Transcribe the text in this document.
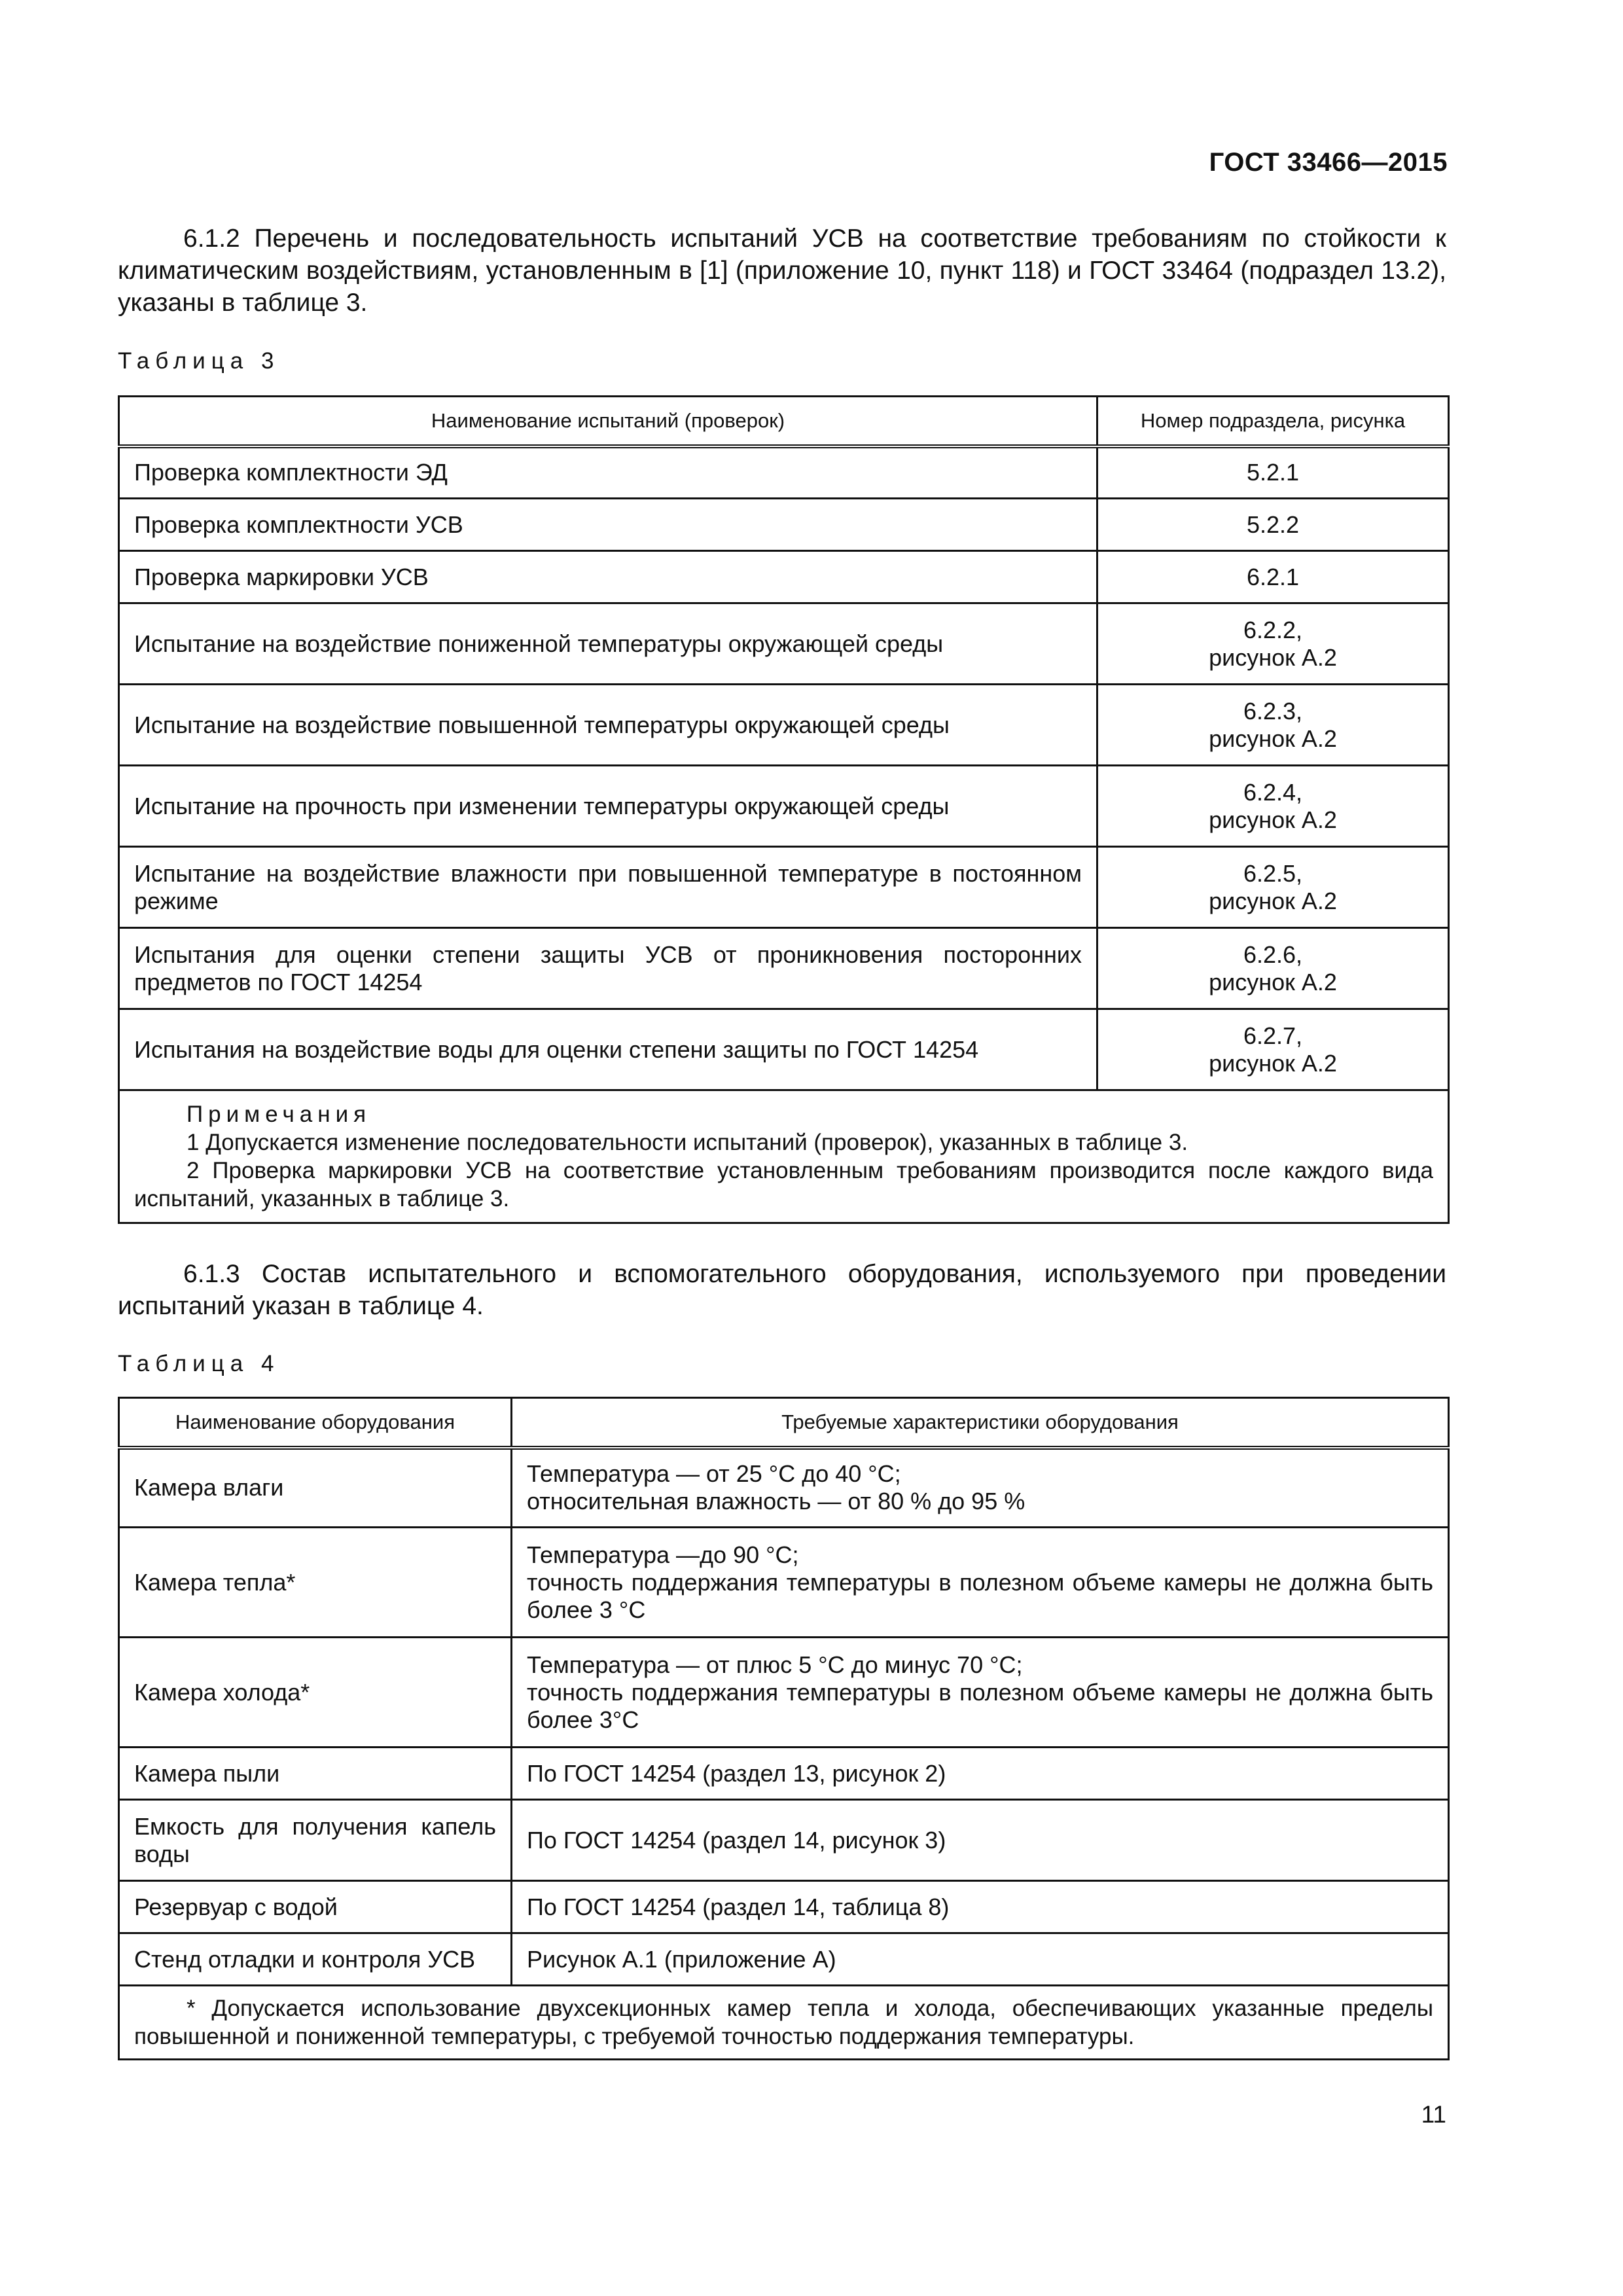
ГОСТ 33466—2015

6.1.2 Перечень и последовательность испытаний УСВ на соответствие требованиям по стойкости к климатическим воздействиям, установленным в [1] (приложение 10, пункт 118) и ГОСТ 33464 (подраздел 13.2), указаны в таблице 3.

Таблица 3
Наименование испытаний (проверок)	Номер подраздела, рисунка
Проверка комплектности ЭД	5.2.1
Проверка комплектности УСВ	5.2.2
Проверка маркировки УСВ	6.2.1
Испытание на воздействие пониженной температуры окружающей среды	6.2.2,
рисунок А.2
Испытание на воздействие повышенной температуры окружающей среды	6.2.3,
рисунок А.2
Испытание на прочность при изменении температуры окружающей среды	6.2.4,
рисунок А.2
Испытание на воздействие влажности при повышенной температуре в постоянном режиме	6.2.5,
рисунок А.2
Испытания для оценки степени защиты УСВ от проникновения посторонних предметов по ГОСТ 14254	6.2.6,
рисунок А.2
Испытания на воздействие воды для оценки степени защиты по ГОСТ 14254	6.2.7,
рисунок А.2

Примечания
1 Допускается изменение последовательности испытаний (проверок), указанных в таблице 3.
2 Проверка маркировки УСВ на соответствие установленным требованиям производится после каждого вида испытаний, указанных в таблице 3.	

6.1.3 Состав испытательного и вспомогательного оборудования, используемого при проведении испытаний указан в таблице 4.

Таблица 4
Наименование оборудования	Требуемые характеристики оборудования
Камера влаги	Температура — от 25 °С до 40 °С;
относительная влажность — от 80 % до 95 %

Камера тепла*	Температура —до 90 °С;
точность поддержания температуры в полезном объеме камеры не должна быть более 3 °С

Камера холода*	Температура — от плюс 5 °С до минус 70 °С;
точность поддержания температуры в полезном объеме камеры не должна быть более 3°С

Камера пыли	По ГОСТ 14254 (раздел 13, рисунок 2)
Емкость для получения капель воды	По ГОСТ 14254 (раздел 14, рисунок 3)
Резервуар с водой	По ГОСТ 14254 (раздел 14, таблица 8)
Стенд отладки и контроля УСВ	Рисунок А.1 (приложение А)
* Допускается использование двухсекционных камер тепла и холода, обеспечивающих указанные пределы повышенной и пониженной температуры, с требуемой точностью поддержания температуры.	
11
